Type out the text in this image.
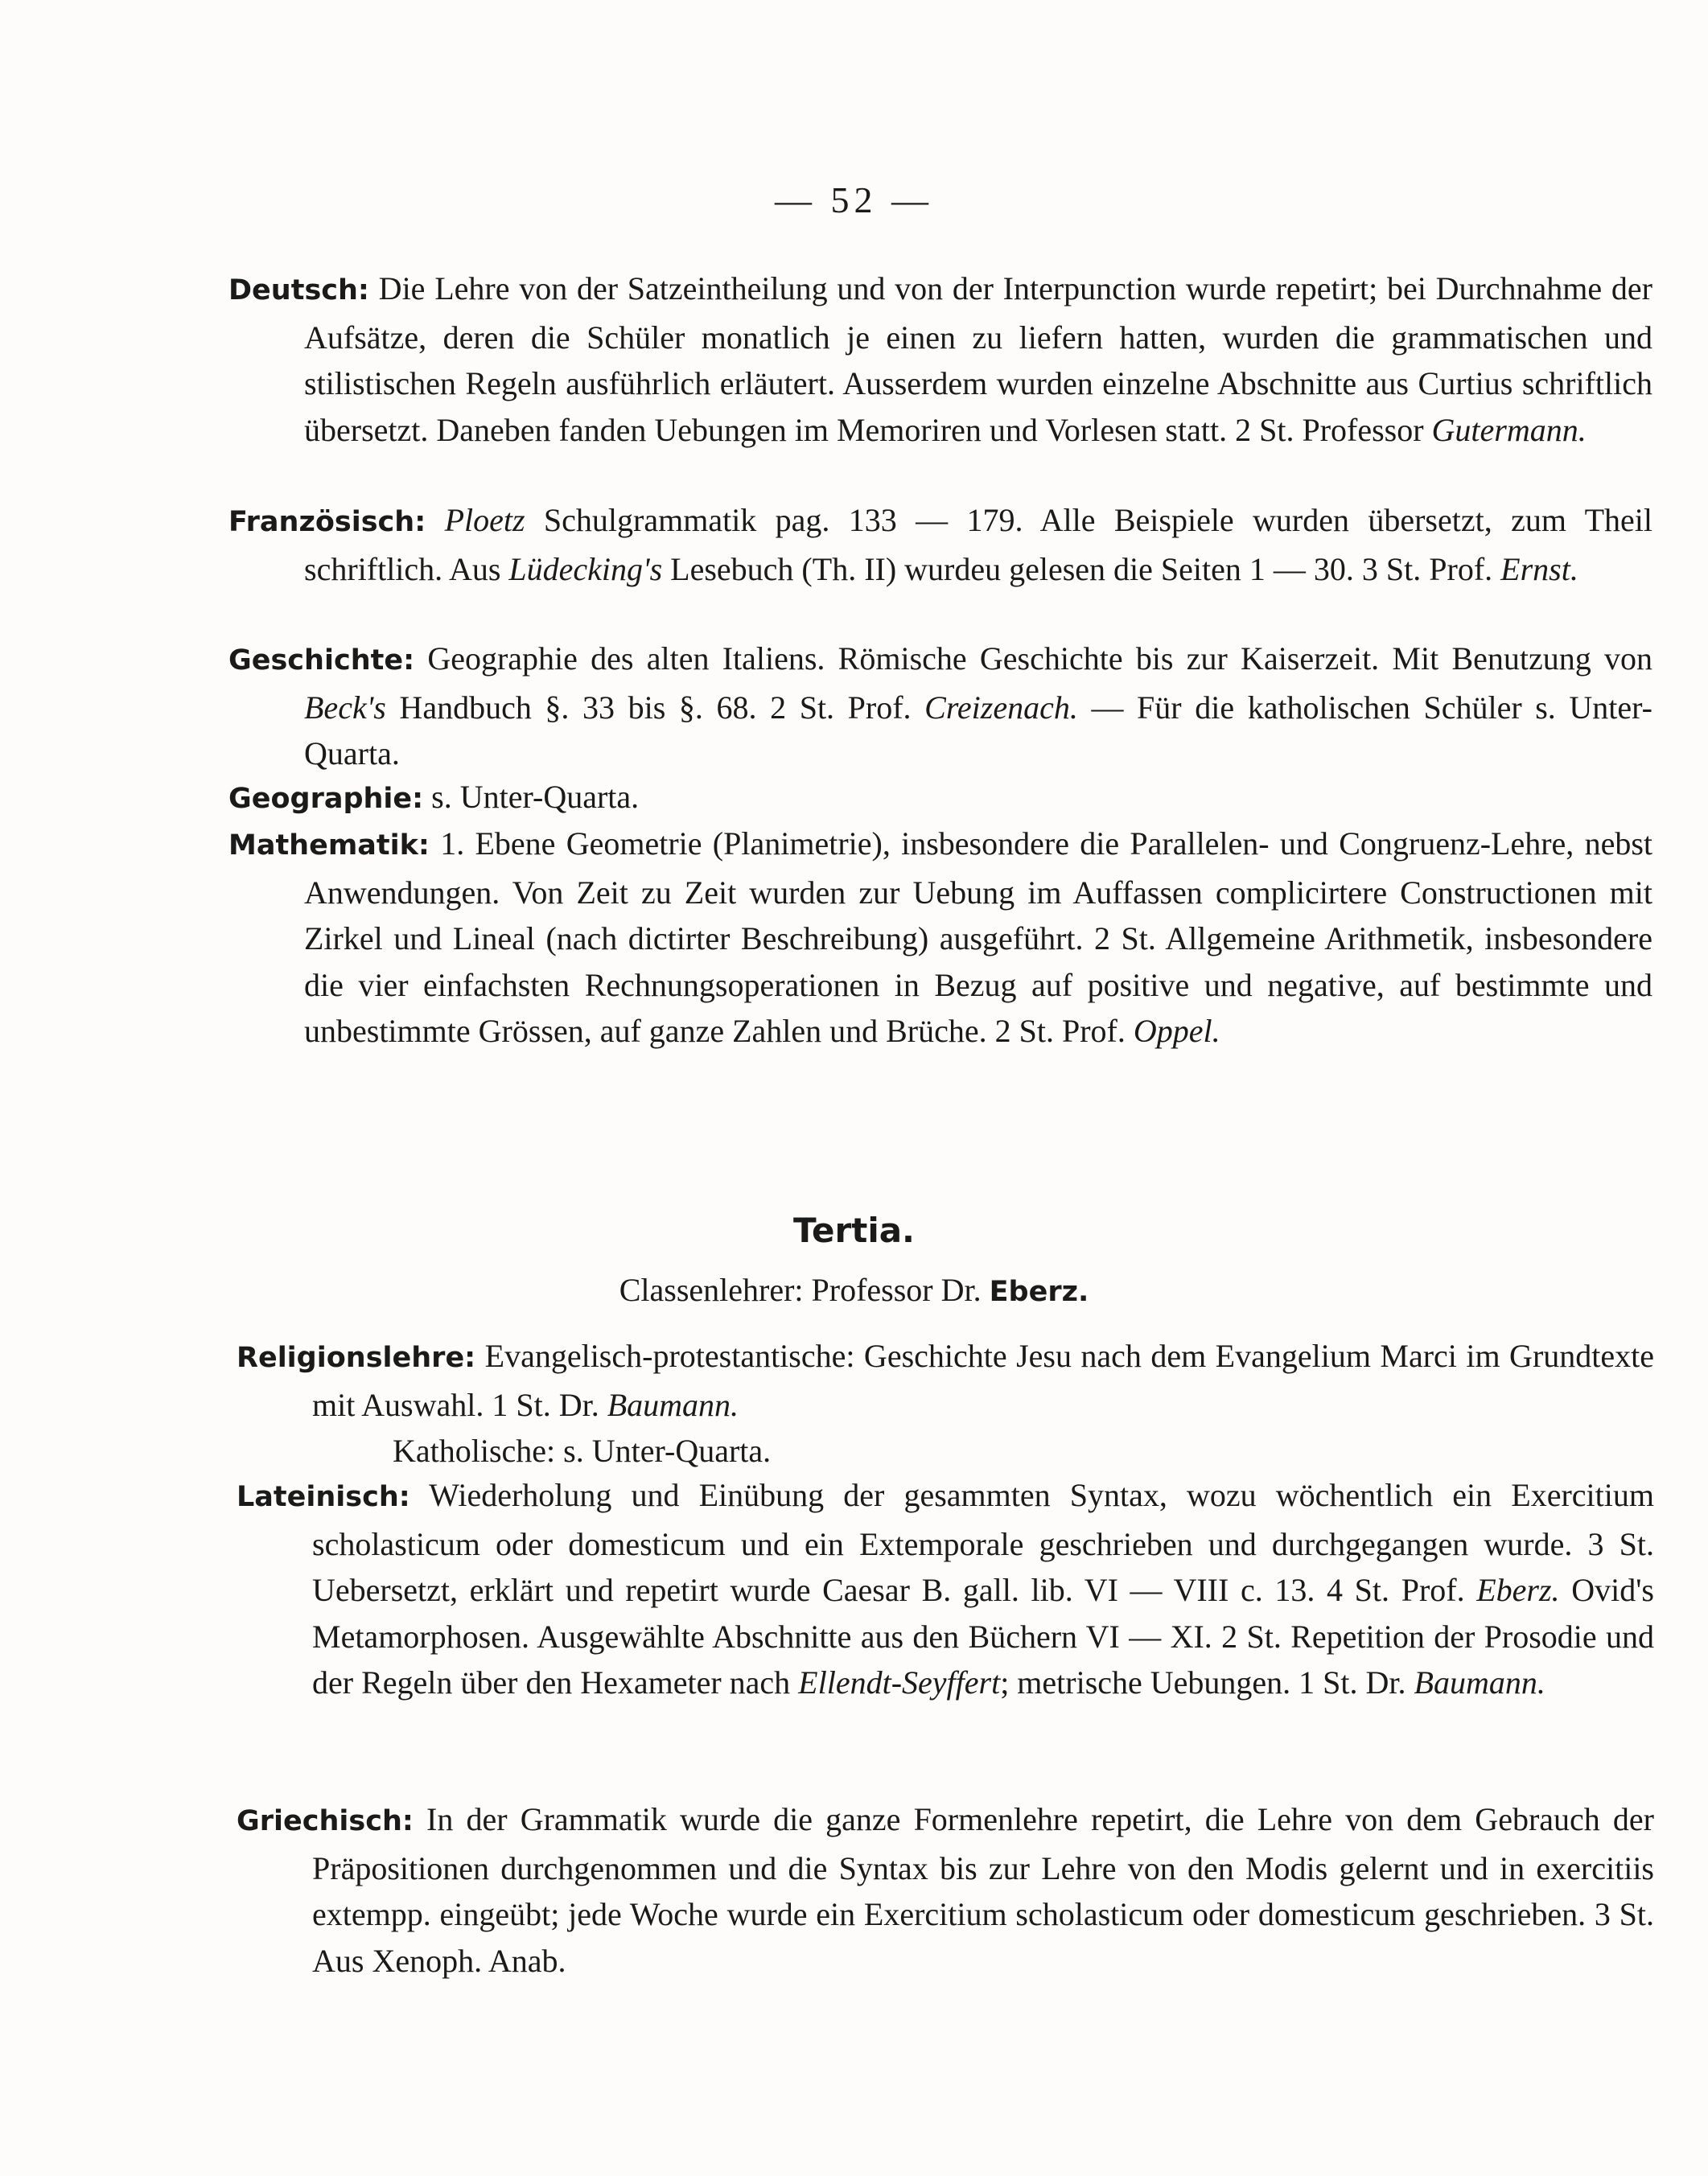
— 52 —
Deutsch: Die Lehre von der Satzeintheilung und von der Interpunction wurde repetirt; bei Durchnahme der Aufsätze, deren die Schüler monatlich je einen zu liefern hatten, wurden die grammatischen und stilistischen Regeln ausführlich erläutert. Ausserdem wurden einzelne Abschnitte aus Curtius schriftlich übersetzt. Daneben fanden Uebungen im Memoriren und Vorlesen statt. 2 St. Professor Gutermann.
Französisch: Ploetz Schulgrammatik pag. 133 — 179. Alle Beispiele wurden übersetzt, zum Theil schriftlich. Aus Lüdecking's Lesebuch (Th. II) wurdeu gelesen die Seiten 1 — 30. 3 St. Prof. Ernst.
Geschichte: Geographie des alten Italiens. Römische Geschichte bis zur Kaiserzeit. Mit Benutzung von Beck's Handbuch §. 33 bis §. 68. 2 St. Prof. Creizenach. — Für die katholischen Schüler s. Unter-Quarta.
Geographie: s. Unter-Quarta.
Mathematik: 1. Ebene Geometrie (Planimetrie), insbesondere die Parallelen- und Congruenz-Lehre, nebst Anwendungen. Von Zeit zu Zeit wurden zur Uebung im Auffassen complicirtere Constructionen mit Zirkel und Lineal (nach dictirter Beschreibung) ausgeführt. 2 St. Allgemeine Arithmetik, insbesondere die vier einfachsten Rechnungsoperationen in Bezug auf positive und negative, auf bestimmte und unbestimmte Grössen, auf ganze Zahlen und Brüche. 2 St. Prof. Oppel.
Tertia.
Classenlehrer: Professor Dr. Eberz.
Religionslehre: Evangelisch-protestantische: Geschichte Jesu nach dem Evangelium Marci im Grundtexte mit Auswahl. 1 St. Dr. Baumann.
Katholische: s. Unter-Quarta.
Lateinisch: Wiederholung und Einübung der gesammten Syntax, wozu wöchentlich ein Exercitium scholasticum oder domesticum und ein Extemporale geschrieben und durchgegangen wurde. 3 St. Uebersetzt, erklärt und repetirt wurde Caesar B. gall. lib. VI — VIII c. 13. 4 St. Prof. Eberz. Ovid's Metamorphosen. Ausgewählte Abschnitte aus den Büchern VI — XI. 2 St. Repetition der Prosodie und der Regeln über den Hexameter nach Ellendt-Seyffert; metrische Uebungen. 1 St. Dr. Baumann.
Griechisch: In der Grammatik wurde die ganze Formenlehre repetirt, die Lehre von dem Gebrauch der Präpositionen durchgenommen und die Syntax bis zur Lehre von den Modis gelernt und in exercitiis extempp. eingeübt; jede Woche wurde ein Exercitium scholasticum oder domesticum geschrieben. 3 St. Aus Xenoph. Anab.
